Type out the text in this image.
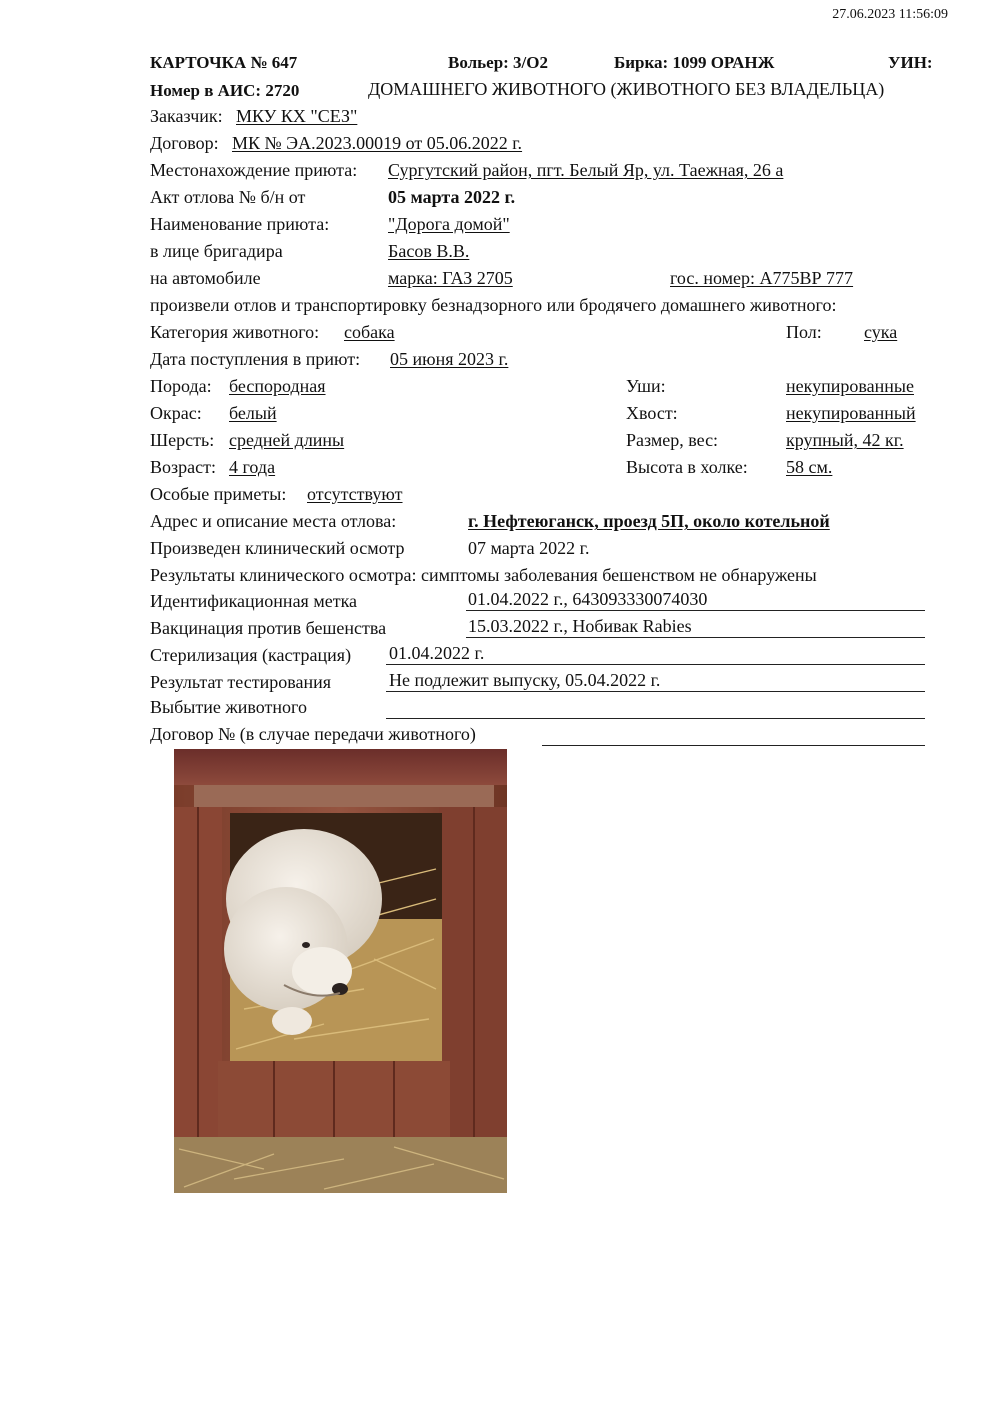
27.06.2023 11:56:09
КАРТОЧКА № 647	Вольер: 3/О2	Бирка: 1099 ОРАНЖ	УИН:
Номер в АИС: 2720	ДОМАШНЕГО ЖИВОТНОГО (ЖИВОТНОГО БЕЗ ВЛАДЕЛЬЦА)
Заказчик: МКУ КХ "СЕЗ"
Договор: МК № ЭА.2023.00019 от 05.06.2022 г.
Местонахождение приюта: Сургутский район, пгт. Белый Яр, ул. Таежная, 26 а
Акт отлова № б/н от	05 марта 2022 г.
Наименование приюта:	"Дорога домой"
в лице бригадира	Басов В.В.
на автомобиле	марка: ГАЗ 2705	гос. номер: А775ВР 777
произвели отлов и транспортировку безнадзорного или бродячего домашнего животного:
Категория животного: собака	Пол: сука
Дата поступления в приют: 05 июня 2023 г.
Порода: беспородная	Уши:	некупированные
Окрас: белый	Хвост:	некупированный
Шерсть: средней длины	Размер, вес:	крупный, 42 кг.
Возраст: 4 года	Высота в холке: 58 см.
Особые приметы: отсутствуют
Адрес и описание места отлова:	г. Нефтеюганск, проезд 5П, около котельной
Произведен клинический осмотр	07 марта 2022 г.
Результаты клинического осмотра: симптомы заболевания бешенством не обнаружены
Идентификационная метка	01.04.2022 г., 643093330074030
Вакцинация против бешенства	15.03.2022 г., Нобивак Rabies
Стерилизация (кастрация) 01.04.2022 г.
Результат тестирования	Не подлежит выпуску, 05.04.2022 г.
Выбытие животного
Договор № (в случае передачи животного)
